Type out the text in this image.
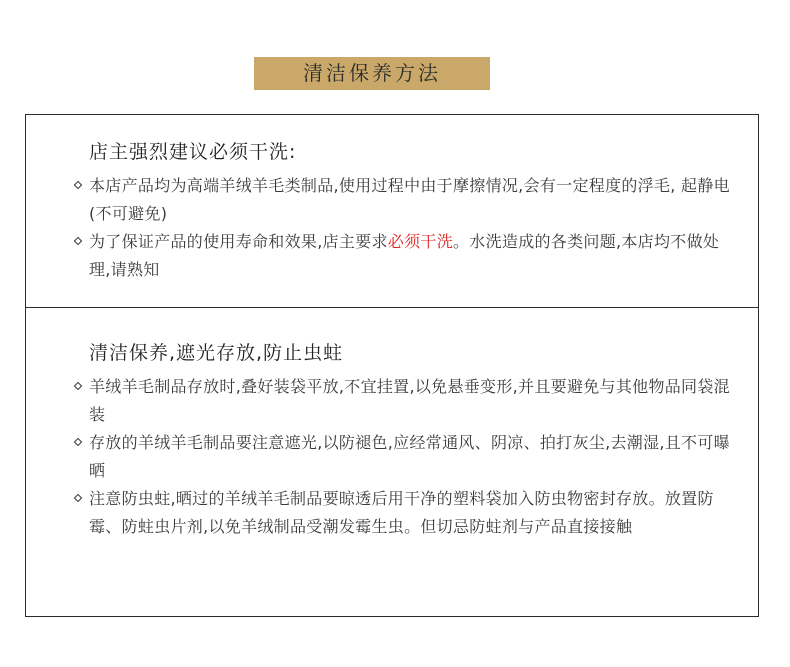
清洁保养方法
店主强烈建议必须干洗:
本店产品均为高端羊绒羊毛类制品,使用过程中由于摩擦情况,会有一定程度的浮毛, 起静电(不可避免)
为了保证产品的使用寿命和效果,店主要求必须干洗。水洗造成的各类问题,本店均不做处理,请熟知
清洁保养,遮光存放,防止虫蛀
羊绒羊毛制品存放时,叠好装袋平放,不宜挂置,以免悬垂变形,并且要避免与其他物品同袋混装
存放的羊绒羊毛制品要注意遮光,以防褪色,应经常通风、阴凉、拍打灰尘,去潮湿,且不可曝晒
注意防虫蛀,晒过的羊绒羊毛制品要晾透后用干净的塑料袋加入防虫物密封存放。放置防霉、防蛀虫片剂,以免羊绒制品受潮发霉生虫。但切忌防蛀剂与产品直接接触
